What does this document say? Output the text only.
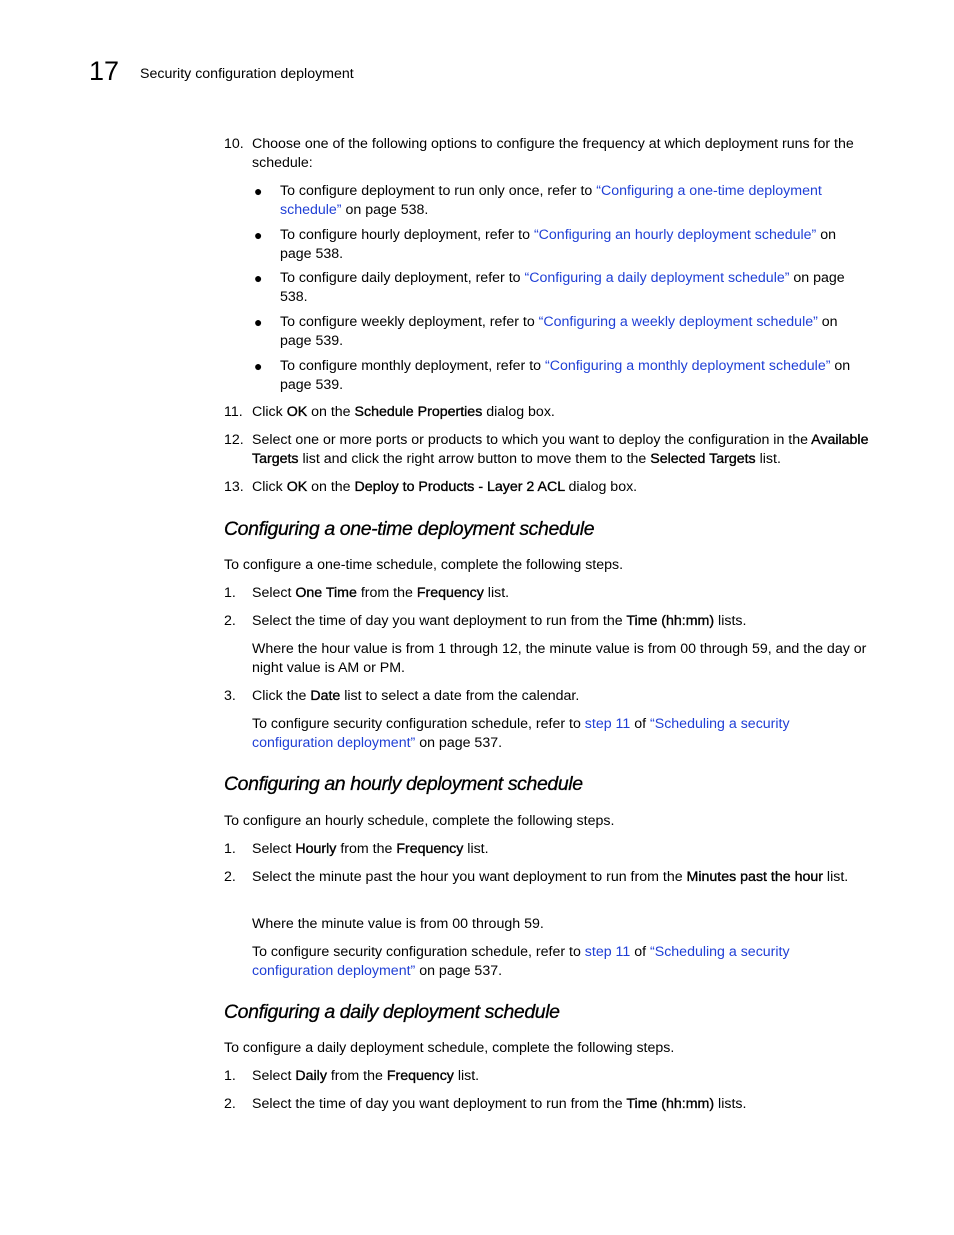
17 Security configuration deployment
10. Choose one of the following options to configure the frequency at which deployment runs for the schedule:
● To configure deployment to run only once, refer to “Configuring a one-time deployment schedule” on page 538.
● To configure hourly deployment, refer to “Configuring an hourly deployment schedule” on page 538.
● To configure daily deployment, refer to “Configuring a daily deployment schedule” on page 538.
● To configure weekly deployment, refer to “Configuring a weekly deployment schedule” on page 539.
● To configure monthly deployment, refer to “Configuring a monthly deployment schedule” on page 539.
11. Click OK on the Schedule Properties dialog box.
12. Select one or more ports or products to which you want to deploy the configuration in the Available Targets list and click the right arrow button to move them to the Selected Targets list.
13. Click OK on the Deploy to Products - Layer 2 ACL dialog box.
Configuring a one-time deployment schedule
To configure a one-time schedule, complete the following steps.
1.	Select One Time from the Frequency list.
2.	Select the time of day you want deployment to run from the Time (hh:mm) lists.
Where the hour value is from 1 through 12, the minute value is from 00 through 59, and the day or night value is AM or PM.
3.	Click the Date list to select a date from the calendar.
To configure security configuration schedule, refer to step 11 of “Scheduling a security configuration deployment” on page 537.
Configuring an hourly deployment schedule
To configure an hourly schedule, complete the following steps.
1.	Select Hourly from the Frequency list.
2.	Select the minute past the hour you want deployment to run from the Minutes past the hour list.
Where the minute value is from 00 through 59.
To configure security configuration schedule, refer to step 11 of “Scheduling a security configuration deployment” on page 537.
Configuring a daily deployment schedule
To configure a daily deployment schedule, complete the following steps.
1.	Select Daily from the Frequency list.
2.	Select the time of day you want deployment to run from the Time (hh:mm) lists.
